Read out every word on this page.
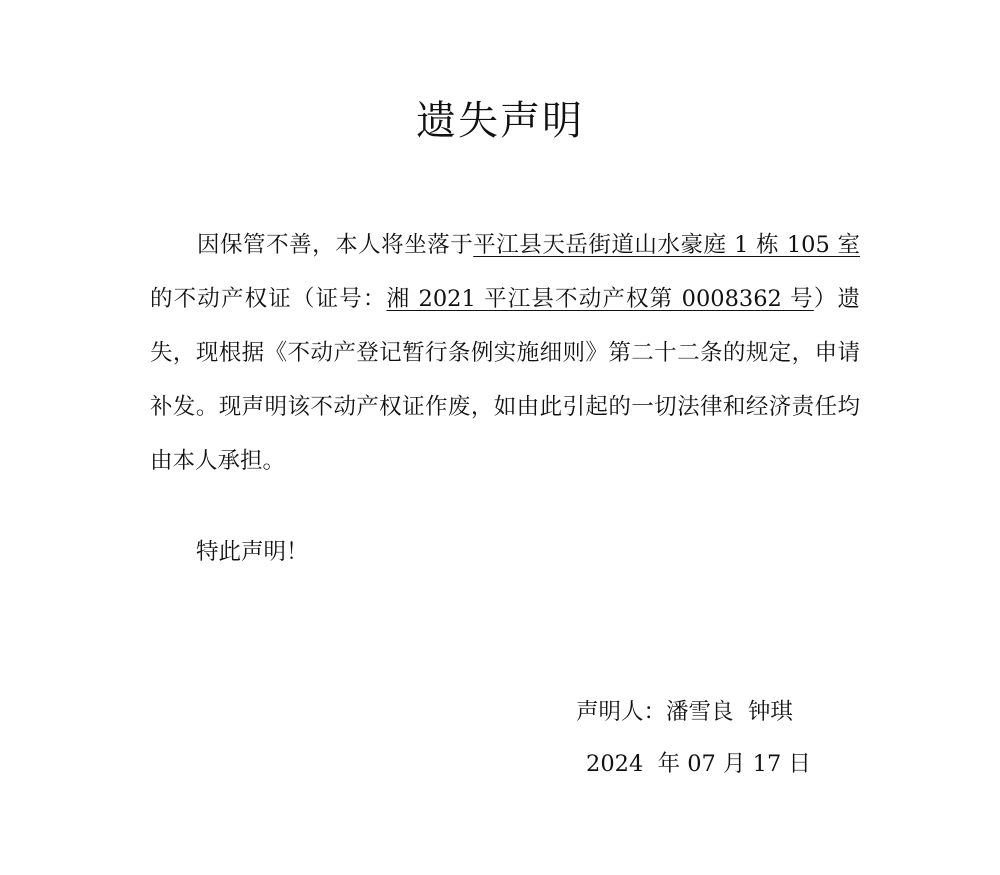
遗失声明
因保管不善，本人将坐落于平江县天岳街道山水豪庭 1 栋 105 室的不动产权证（证号：湘 2021 平江县不动产权第 0008362 号）遗失，现根据《不动产登记暂行条例实施细则》第二十二条的规定，申请补发。现声明该不动产权证作废，如由此引起的一切法律和经济责任均由本人承担。
特此声明！
声明人：潘雪良  钟琪
2024  年 07 月 17 日
